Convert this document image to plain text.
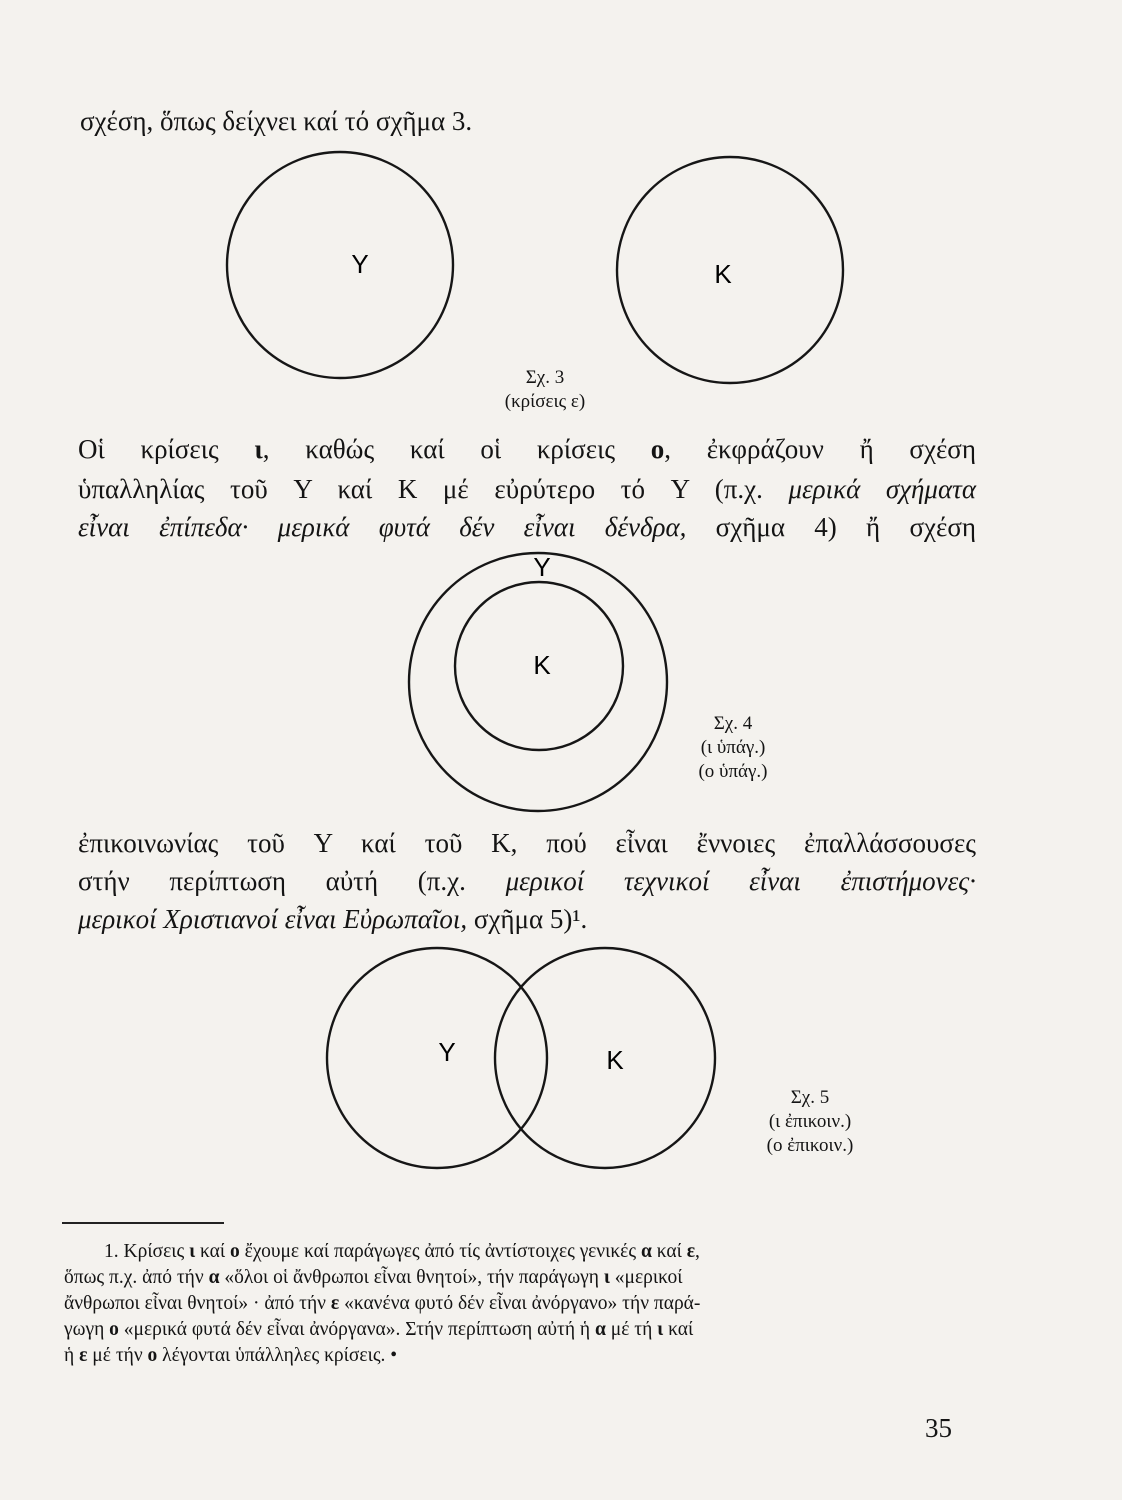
σχέση, ὅπως δείχνει καί τό σχῆμα 3.
Y	K
Σχ. 3
(κρίσεις ε)
Οἱ κρίσεις ι, καθώς καί οἱ κρίσεις ο, ἐκφράζουν ἤ σχέση
ὑπαλληλίας τοῦ Y καί K μέ εὐρύτερο τό Y (π.χ. μερικά σχήματα
εἶναι ἐπίπεδα· μερικά φυτά δέν εἶναι δένδρα, σχῆμα 4) ἤ σχέση
Y
K
Σχ. 4
(ι ὑπάγ.)
(ο ὑπάγ.)
ἐπικοινωνίας τοῦ Y καί τοῦ K, πού εἶναι ἔννοιες ἐπαλλάσσουσες
στήν περίπτωση αὐτή (π.χ. μερικοί τεχνικοί εἶναι ἐπιστήμονες·
μερικοί Χριστιανοί εἶναι Εὐρωπαῖοι, σχῆμα 5)¹.
Y	K
Σχ. 5
(ι ἐπικοιν.)
(ο ἐπικοιν.)
1. Κρίσεις ι καί ο ἔχουμε καί παράγωγες ἀπό τίς ἀντίστοιχες γενικές α καί ε,
ὅπως π.χ. ἀπό τήν α «ὅλοι οἱ ἄνθρωποι εἶναι θνητοί», τήν παράγωγη ι «μερικοί
ἄνθρωποι εἶναι θνητοί» · ἀπό τήν ε «κανένα φυτό δέν εἶναι ἀνόργανο» τήν παρά-
γωγη ο «μερικά φυτά δέν εἶναι ἀνόργανα». Στήν περίπτωση αὐτή ἡ α μέ τή ι καί
ἡ ε μέ τήν ο λέγονται ὑπάλληλες κρίσεις. •
35
